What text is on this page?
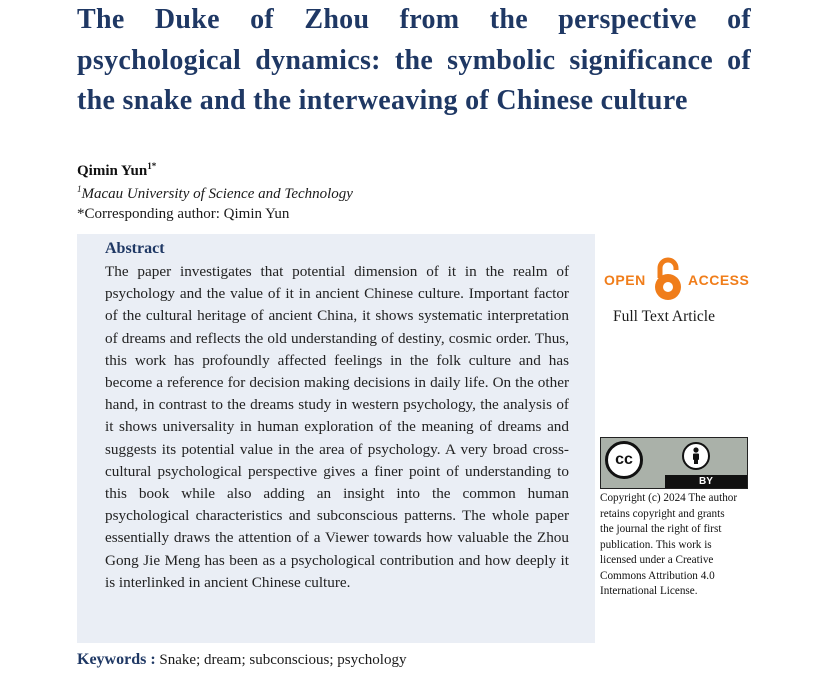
The Duke of Zhou from the perspective of psychological dynamics: the symbolic significance of the snake and the interweaving of Chinese culture
Qimin Yun$^{1*}$
$^1$Macau University of Science and Technology
*Corresponding author: Qimin Yun
Abstract
The paper investigates that potential dimension of it in the realm of psychology and the value of it in ancient Chinese culture. Important factor of the cultural heritage of ancient China, it shows systematic interpretation of dreams and reflects the old understanding of destiny, cosmic order. Thus, this work has profoundly affected feelings in the folk culture and has become a reference for decision making decisions in daily life. On the other hand, in contrast to the dreams study in western psychology, the analysis of it shows universality in human exploration of the meaning of dreams and suggests its potential value in the area of psychology. A very broad cross-cultural psychological perspective gives a finer point of understanding to this book while also adding an insight into the common human psychological characteristics and subconscious patterns. The whole paper essentially draws the attention of a Viewer towards how valuable the Zhou Gong Jie Meng has been as a psychological contribution and how deeply it is interlinked in ancient Chinese culture.
Keywords : Snake; dream; subconscious; psychology
OPEN	ACCESS
Full Text Article
cc
BY
Copyright (c) 2024 The author retains copyright and grants the journal the right of first publication. This work is licensed under a Creative Commons Attribution 4.0 International License.
